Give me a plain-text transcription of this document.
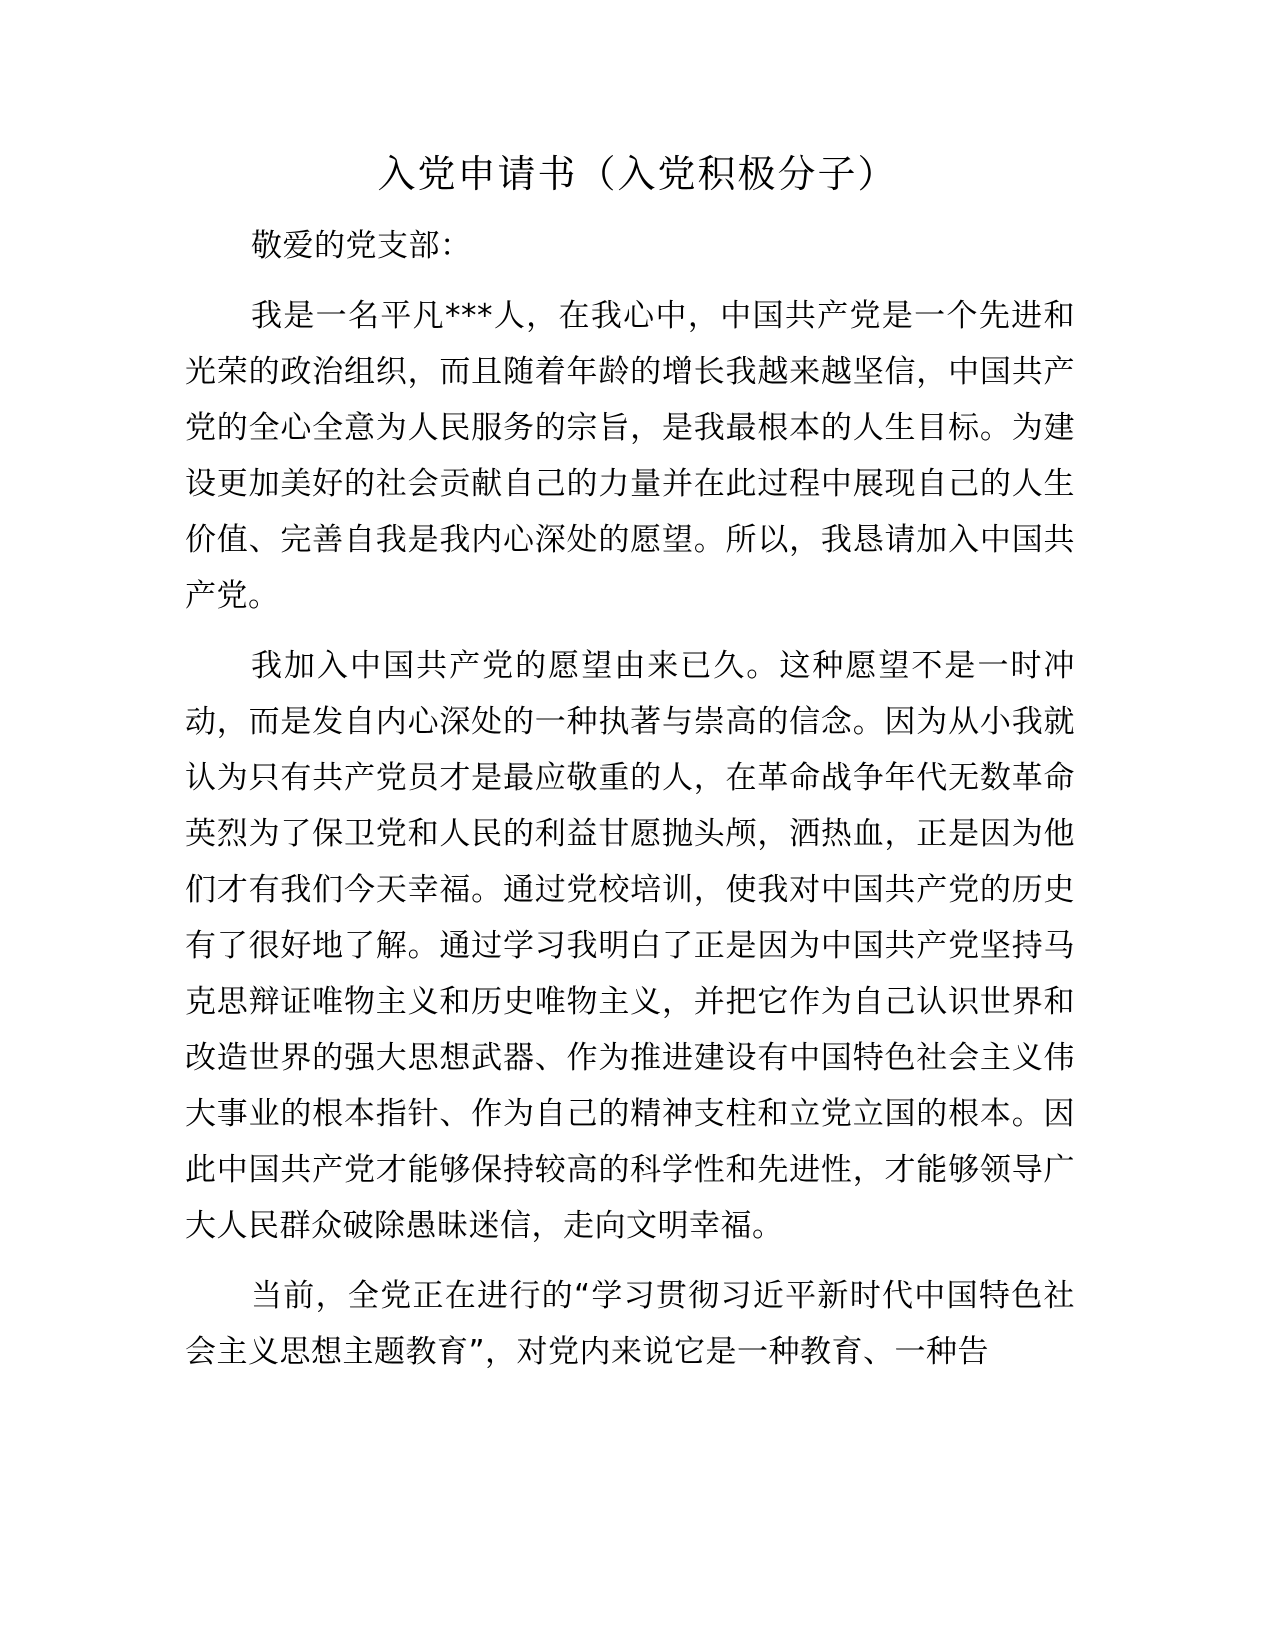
入党申请书（入党积极分子）

敬爱的党支部：

我是一名平凡***人，在我心中，中国共产党是一个先进和光荣的政治组织，而且随着年龄的增长我越来越坚信，中国共产党的全心全意为人民服务的宗旨，是我最根本的人生目标。为建设更加美好的社会贡献自己的力量并在此过程中展现自己的人生价值、完善自我是我内心深处的愿望。所以，我恳请加入中国共产党。

我加入中国共产党的愿望由来已久。这种愿望不是一时冲动，而是发自内心深处的一种执著与崇高的信念。因为从小我就认为只有共产党员才是最应敬重的人，在革命战争年代无数革命英烈为了保卫党和人民的利益甘愿抛头颅，洒热血，正是因为他们才有我们今天幸福。通过党校培训，使我对中国共产党的历史有了很好地了解。通过学习我明白了正是因为中国共产党坚持马克思辩证唯物主义和历史唯物主义，并把它作为自己认识世界和改造世界的强大思想武器、作为推进建设有中国特色社会主义伟大事业的根本指针、作为自己的精神支柱和立党立国的根本。因此中国共产党才能够保持较高的科学性和先进性，才能够领导广大人民群众破除愚昧迷信，走向文明幸福。

当前，全党正在进行的“学习贯彻习近平新时代中国特色社会主义思想主题教育”，对党内来说它是一种教育、一种告
